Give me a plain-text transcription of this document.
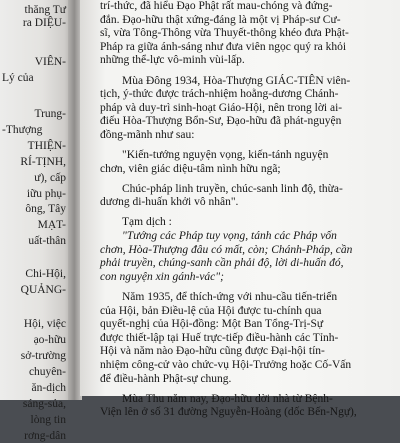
thăng Tư
ra DIỆU-
VIÊN-
Lý của
Trung-
-Thượng
THIỆN-
RÍ-TỊNH,
ư), cấp
iữu phụ-
ông, Tây
MẠT-
uất-thân
Chi-Hội,
QUẢNG-
Hội, việc
ạo-hữu
sở-trường
chuyên-
ăn-dịch
sáng-sủa,
lòng tin
rơng-dân
trí-thức, đã hiểu Đạo Phật rất mau-chóng và đứng-
đắn. Đạo-hữu thật xứng-đáng là một vị Pháp-sư Cư-
sĩ, vừa Tông-Thông vừa Thuyết-thông khéo đưa Phật-
Pháp ra giữa ánh-sáng như đưa viên ngọc quý ra khỏi
những thể-lực vô-minh vùi-lấp.
Mùa Đông 1934, Hòa-Thượng GIÁC-TIÊN viên-
tịch, ý-thức được trách-nhiệm hoằng-dương Chánh-
pháp và duy-trì sinh-hoạt Giáo-Hội, nên trong lời ai-
điếu Hòa-Thượng Bổn-Sư, Đạo-hữu đã phát-nguyện
đồng-mãnh như sau:
"Kiến-tướng nguyện vọng, kiến-tánh nguyện
chơn, viên giác diệu-tâm nình hữu ngã;
Chúc-pháp linh truyền, chúc-sanh linh độ, thừa-
dương di-huấn khởi vô nhân".
Tạm dịch :
"Tướng các Pháp tuy vọng, tánh các Pháp vốn
chơn, Hòa-Thượng đâu có mất, còn; Chánh-Pháp, cần
phải truyền, chúng-sanh cần phải độ, lời di-huấn đó,
con nguyện xin gánh-vác";
Năm 1935, để thích-ứng với nhu-cầu tiến-triển
của Hội, bản Điều-lệ của Hội được tu-chính qua
quyết-nghị của Hội-đồng: Một Ban Tổng-Trị-Sự
được thiết-lập tại Huế trực-tiếp điều-hành các Tỉnh-
Hội và năm nào Đạo-hữu cũng được Đại-hội tín-
nhiệm công-cử vào chức-vụ Hội-Trưởng hoặc Cố-Vấn
để điều-hành Phật-sự chung.
Mùa Thu năm nay, Đạo-hữu dời nhà từ Bệnh-
Viện lên ở số 31 đường Nguyễn-Hoàng (dốc Bến-Ngự),
